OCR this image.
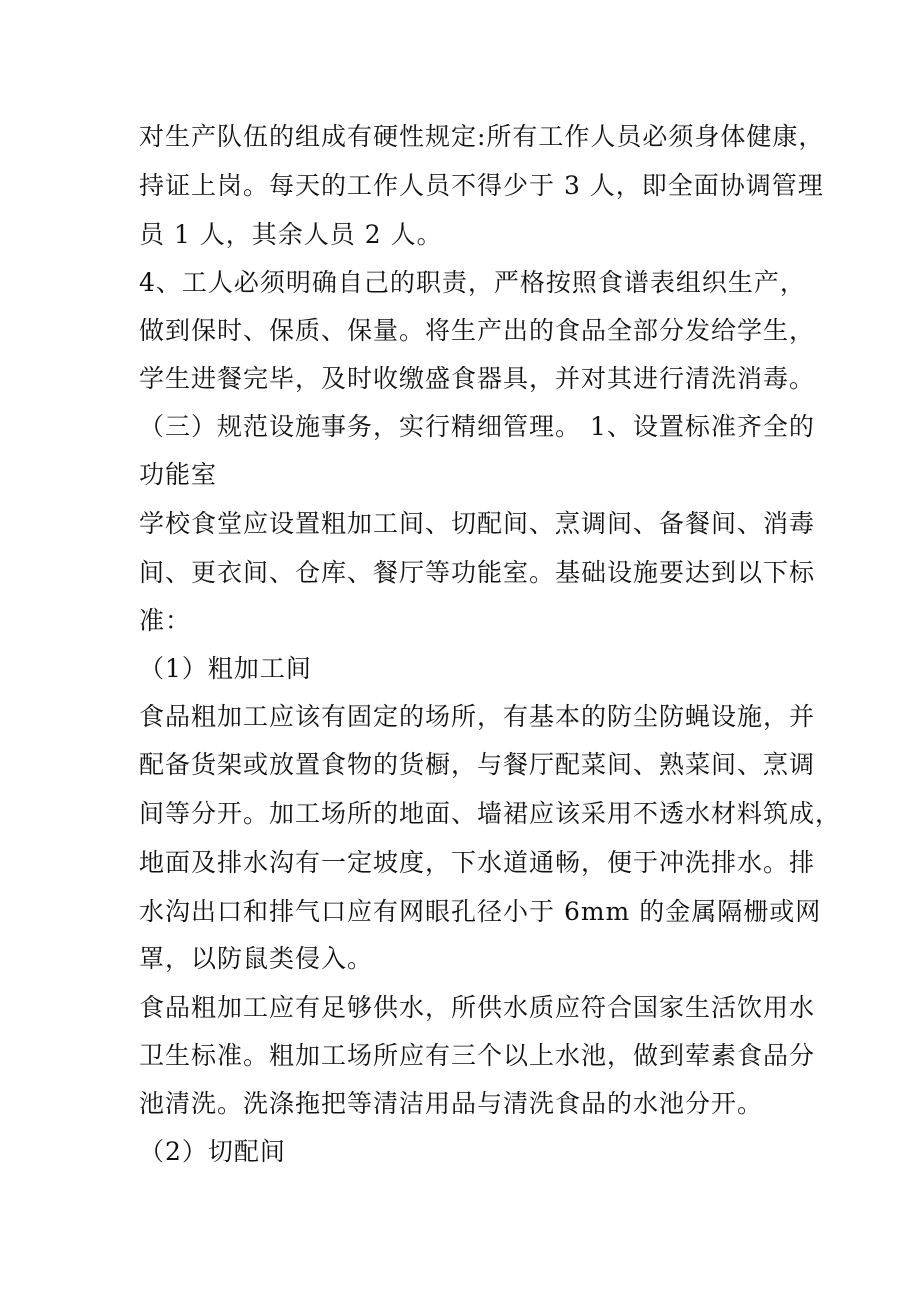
对生产队伍的组成有硬性规定:所有工作人员必须身体健康，
持证上岗。每天的工作人员不得少于 3 人，即全面协调管理
员 1 人，其余人员 2 人。
4、工人必须明确自己的职责，严格按照食谱表组织生产，
做到保时、保质、保量。将生产出的食品全部分发给学生，
学生进餐完毕，及时收缴盛食器具，并对其进行清洗消毒。
（三）规范设施事务，实行精细管理。 1、设置标准齐全的
功能室
学校食堂应设置粗加工间、切配间、烹调间、备餐间、消毒
间、更衣间、仓库、餐厅等功能室。基础设施要达到以下标
准：
（1）粗加工间
食品粗加工应该有固定的场所，有基本的防尘防蝇设施，并
配备货架或放置食物的货橱，与餐厅配菜间、熟菜间、烹调
间等分开。加工场所的地面、墙裙应该采用不透水材料筑成，
地面及排水沟有一定坡度，下水道通畅，便于冲洗排水。排
水沟出口和排气口应有网眼孔径小于 6mm 的金属隔栅或网
罩，以防鼠类侵入。
食品粗加工应有足够供水，所供水质应符合国家生活饮用水
卫生标准。粗加工场所应有三个以上水池，做到荤素食品分
池清洗。洗涤拖把等清洁用品与清洗食品的水池分开。
（2）切配间
